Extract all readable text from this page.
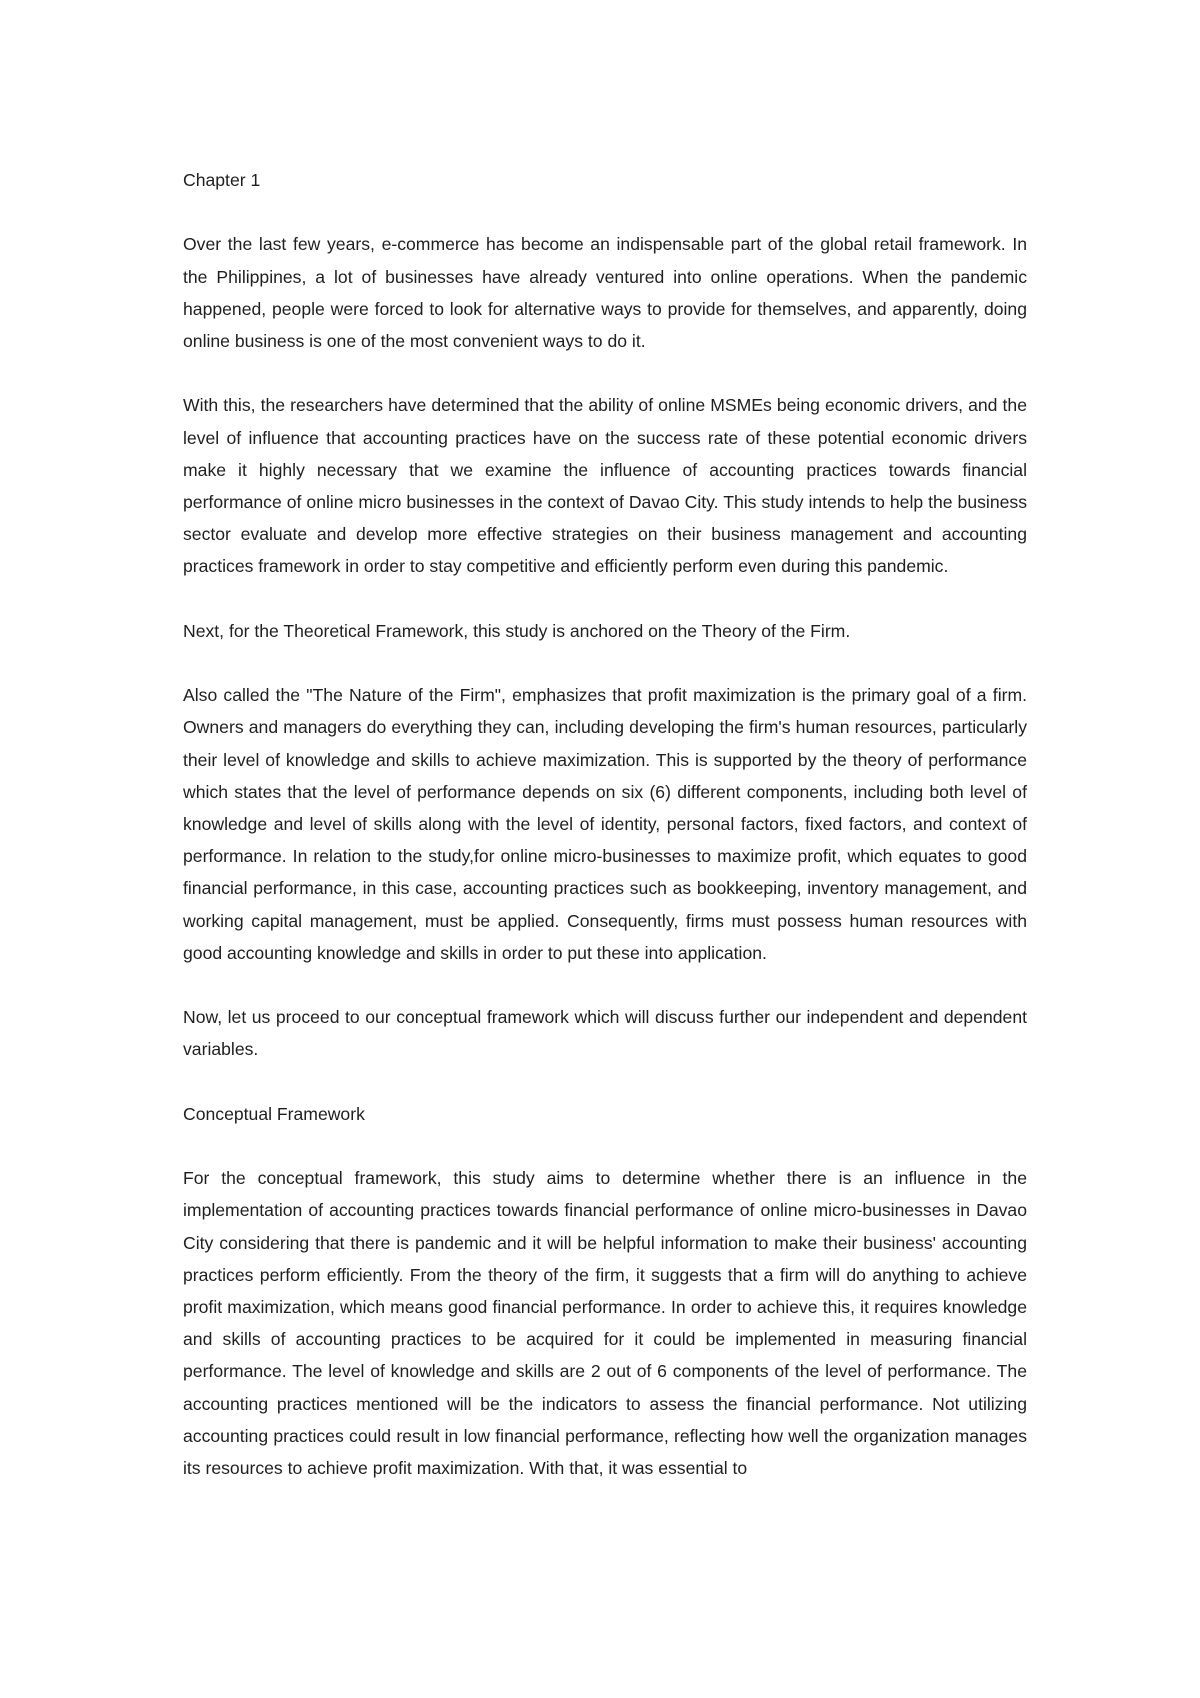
Chapter 1

Over the last few years, e-commerce has become an indispensable part of the global retail framework. In the Philippines, a lot of businesses have already ventured into online operations. When the pandemic happened, people were forced to look for alternative ways to provide for themselves, and apparently, doing online business is one of the most convenient ways to do it.

With this, the researchers have determined that the ability of online MSMEs being economic drivers, and the level of influence that accounting practices have on the success rate of these potential economic drivers make it highly necessary that we examine the influence of accounting practices towards financial performance of online micro businesses in the context of Davao City. This study intends to help the business sector evaluate and develop more effective strategies on their business management and accounting practices framework in order to stay competitive and efficiently perform even during this pandemic.

Next, for the Theoretical Framework, this study is anchored on the Theory of the Firm.

Also called the "The Nature of the Firm", emphasizes that profit maximization is the primary goal of a firm. Owners and managers do everything they can, including developing the firm's human resources, particularly their level of knowledge and skills to achieve maximization. This is supported by the theory of performance which states that the level of performance depends on six (6) different components, including both level of knowledge and level of skills along with the level of identity, personal factors, fixed factors, and context of performance. In relation to the study,for online micro-businesses to maximize profit, which equates to good financial performance, in this case, accounting practices such as bookkeeping, inventory management, and working capital management, must be applied. Consequently, firms must possess human resources with good accounting knowledge and skills in order to put these into application.

Now, let us proceed to our conceptual framework which will discuss further our independent and dependent variables.

Conceptual Framework

For the conceptual framework, this study aims to determine whether there is an influence in the implementation of accounting practices towards financial performance of online micro-businesses in Davao City considering that there is pandemic and it will be helpful information to make their business' accounting practices perform efficiently. From the theory of the firm, it suggests that a firm will do anything to achieve profit maximization, which means good financial performance. In order to achieve this, it requires knowledge and skills of accounting practices to be acquired for it could be implemented in measuring financial performance. The level of knowledge and skills are 2 out of 6 components of the level of performance. The accounting practices mentioned will be the indicators to assess the financial performance. Not utilizing accounting practices could result in low financial performance, reflecting how well the organization manages its resources to achieve profit maximization. With that, it was essential to
